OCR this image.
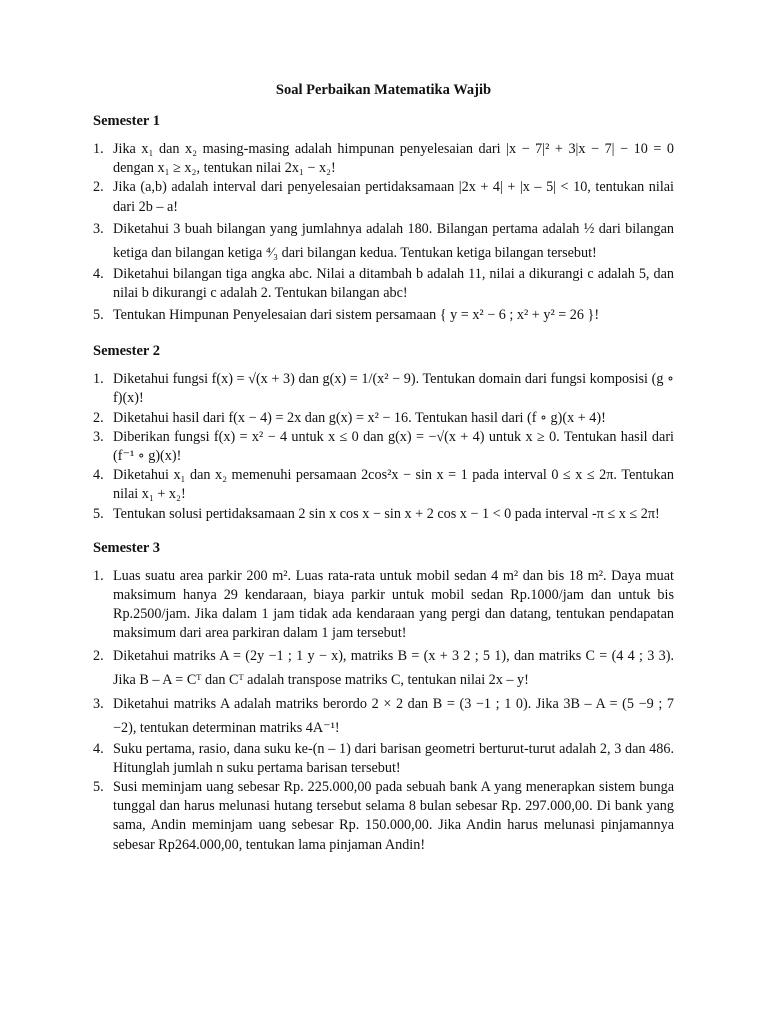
Soal Perbaikan Matematika Wajib
Semester 1
1. Jika x₁ dan x₂ masing-masing adalah himpunan penyelesaian dari |x − 7|² + 3|x − 7| − 10 = 0 dengan x₁ ≥ x₂, tentukan nilai 2x₁ − x₂!
2. Jika (a,b) adalah interval dari penyelesaian pertidaksamaan |2x + 4| + |x – 5| < 10, tentukan nilai dari 2b – a!
3. Diketahui 3 buah bilangan yang jumlahnya adalah 180. Bilangan pertama adalah ½ dari bilangan ketiga dan bilangan ketiga ⁴⁄₃ dari bilangan kedua. Tentukan ketiga bilangan tersebut!
4. Diketahui bilangan tiga angka abc. Nilai a ditambah b adalah 11, nilai a dikurangi c adalah 5, dan nilai b dikurangi c adalah 2. Tentukan bilangan abc!
5. Tentukan Himpunan Penyelesaian dari sistem persamaan { y = x² − 6 ; x² + y² = 26 }!
Semester 2
1. Diketahui fungsi f(x) = √(x + 3) dan g(x) = 1/(x² − 9). Tentukan domain dari fungsi komposisi (g ∘ f)(x)!
2. Diketahui hasil dari f(x − 4) = 2x dan g(x) = x² − 16. Tentukan hasil dari (f ∘ g)(x + 4)!
3. Diberikan fungsi f(x) = x² − 4 untuk x ≤ 0 dan g(x) = −√(x + 4) untuk x ≥ 0. Tentukan hasil dari (f⁻¹ ∘ g)(x)!
4. Diketahui x₁ dan x₂ memenuhi persamaan 2cos²x − sin x = 1 pada interval 0 ≤ x ≤ 2π. Tentukan nilai x₁ + x₂!
5. Tentukan solusi pertidaksamaan 2 sin x cos x − sin x + 2 cos x − 1 < 0 pada interval -π ≤ x ≤ 2π!
Semester 3
1. Luas suatu area parkir 200 m². Luas rata-rata untuk mobil sedan 4 m² dan bis 18 m². Daya muat maksimum hanya 29 kendaraan, biaya parkir untuk mobil sedan Rp.1000/jam dan untuk bis Rp.2500/jam. Jika dalam 1 jam tidak ada kendaraan yang pergi dan datang, tentukan pendapatan maksimum dari area parkiran dalam 1 jam tersebut!
2. Diketahui matriks A = (2y −1 ; 1 y − x), matriks B = (x + 3 2 ; 5 1), dan matriks C = (4 4 ; 3 3). Jika B – A = Cᵀ dan Cᵀ adalah transpose matriks C, tentukan nilai 2x – y!
3. Diketahui matriks A adalah matriks berordo 2 × 2 dan B = (3 −1 ; 1 0). Jika 3B – A = (5 −9 ; 7 −2), tentukan determinan matriks 4A⁻¹!
4. Suku pertama, rasio, dana suku ke-(n – 1) dari barisan geometri berturut-turut adalah 2, 3 dan 486. Hitunglah jumlah n suku pertama barisan tersebut!
5. Susi meminjam uang sebesar Rp. 225.000,00 pada sebuah bank A yang menerapkan sistem bunga tunggal dan harus melunasi hutang tersebut selama 8 bulan sebesar Rp. 297.000,00. Di bank yang sama, Andin meminjam uang sebesar Rp. 150.000,00. Jika Andin harus melunasi pinjamannya sebesar Rp264.000,00, tentukan lama pinjaman Andin!
